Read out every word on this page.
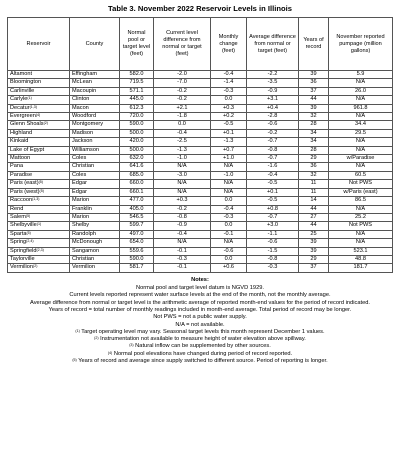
Table 3. November 2022 Reservoir Levels in Illinois
Reservoir	County	Normal pool or target level (feet)	Current level difference from normal or target (feet)	Monthly change (feet)	Average difference from normal or target (feet)	Years of record	November reported pumpage (million gallons)
Altamont	Effingham	582.0	-2.0	-0.4	-2.2	39	5.9
Bloomington	McLean	719.5	-7.0	-1.4	-3.5	36	N/A
Carlinville	Macoupin	571.1	-0.2	-0.3	-0.9	37	26.0
Carlyle$^{(1)}$	Clinton	445.0	-0.2	0.0	+3.1	44	N/A
Decatur$^{(1,3)}$	Macon	612.3	+2.1	+0.3	+0.4	39	961.8
Evergreen$^{(4)}$	Woodford	720.0	-1.8	+0.2	-2.8	32	N/A
Glenn Shoals$^{(2)}$	Montgomery	590.0	0.0	-0.5	-0.6	28	34.4
Highland	Madison	500.0	-0.4	+0.1	-0.2	34	29.5
Kinkaid	Jackson	420.0	-2.5	-1.3	-0.7	34	N/A
Lake of Egypt	Williamson	500.0	-1.3	+0.7	-0.8	28	N/A
Mattoon	Coles	632.0	-1.0	+1.0	-0.7	29	w/Paradise
Pana	Christian	641.6	N/A	N/A	-1.6	36	N/A
Paradise	Coles	685.0	-3.0	-1.0	-0.4	32	60.5
Paris (east)$^{(5)}$	Edgar	660.0	N/A	N/A	-0.5	11	Not PWS
Paris (west)$^{(5)}$	Edgar	660.1	N/A	N/A	+0.1	11	w/Paris (east)
Raccoon$^{(1,3)}$	Marion	477.0	+0.3	0.0	-0.5	14	86.5
Rend	Franklin	405.0	-0.2	-0.4	+0.8	44	N/A
Salem$^{(5)}$	Marion	546.5	-0.8	-0.3	-0.7	27	25.2
Shelbyville$^{(1)}$	Shelby	599.7	-0.9	0.0	+3.0	44	Not PWS
Sparta$^{(5)}$	Randolph	497.0	-0.4	-0.1	-1.1	25	N/A
Spring$^{(2,4)}$	McDonough	654.0	N/A	N/A	-0.6	39	N/A
Springfield$^{(2,3)}$	Sangamon	559.6	-0.1	-0.6	-1.5	39	523.1
Taylorville	Christian	590.0	-0.3	0.0	-0.8	29	48.8
Vermilion$^{(2)}$	Vermilion	581.7	-0.1	+0.6	-0.3	37	181.7
Notes:

Normal pool and target level datum is NGVD 1929.

Current levels reported represent water surface levels at the end of the month, not the monthly average.

Average difference from normal or target level is the arithmetic average of reported month-end values for the period of record indicated.

Years of record = total number of monthly readings included in month-end average. Total period of record may be longer.

Not PWS = not a public water supply.

N/A = not available.

$^{(1)}$ Target operating level may vary. Seasonal target levels this month represent December 1 values.

$^{(2)}$ Instrumentation not available to measure height of water elevation above spillway.

$^{(3)}$ Natural inflow can be supplemented by other sources.

$^{(4)}$ Normal pool elevations have changed during period of record reported.

$^{(5)}$ Years of record and average since supply switched to different source. Period of reporting is longer.
